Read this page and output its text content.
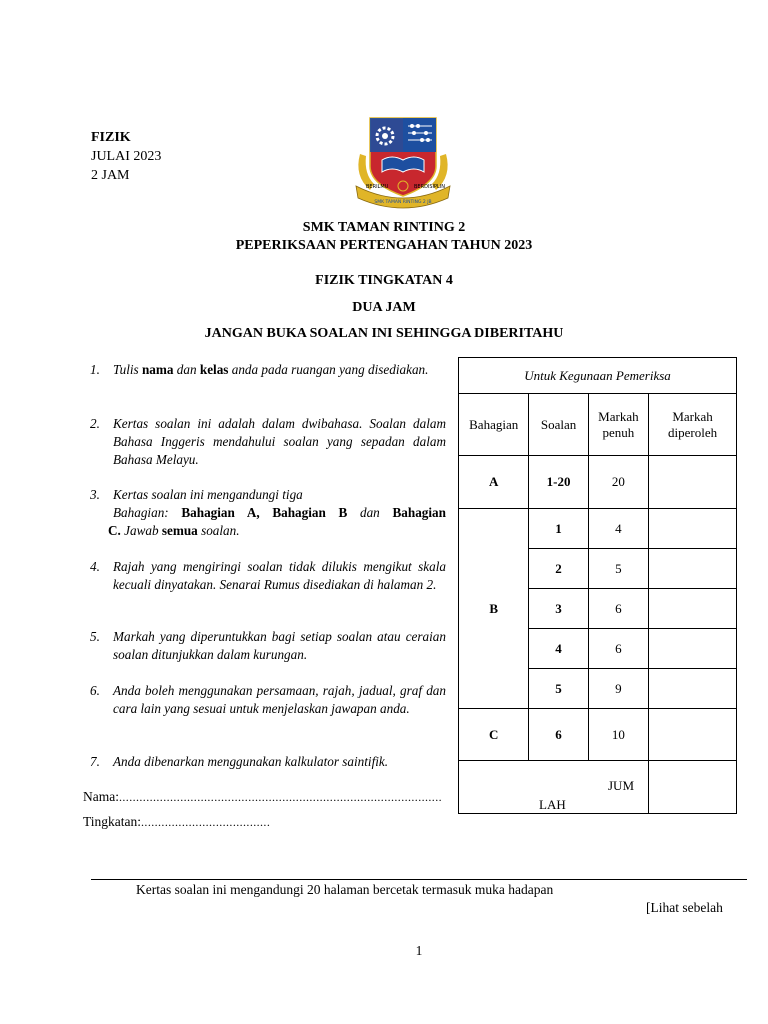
FIZIK
JULAI 2023
2 JAM
BERILMU	BERDISIPLIN
SMK TAMAN RINTING 2 JB
SMK TAMAN RINTING 2
PEPERIKSAAN PERTENGAHAN TAHUN 2023
FIZIK TINGKATAN 4
DUA JAM
JANGAN BUKA SOALAN INI SEHINGGA DIBERITAHU
1. Tulis nama dan kelas anda pada ruangan yang disediakan.
2. Kertas soalan ini adalah dalam dwibahasa. Soalan dalam Bahasa Inggeris mendahului soalan yang sepadan dalam Bahasa Melayu.
3. Kertas soalan ini mengandungi tiga
Bahagian: Bahagian A, Bahagian B dan Bahagian
C. Jawab semua soalan.
4. Rajah yang mengiringi soalan tidak dilukis mengikut skala kecuali dinyatakan. Senarai Rumus disediakan di halaman 2.
5. Markah yang diperuntukkan bagi setiap soalan atau ceraian soalan ditunjukkan dalam kurungan.
6. Anda boleh menggunakan persamaan, rajah, jadual, graf dan cara lain yang sesuai untuk menjelaskan jawapan anda.
7. Anda dibenarkan menggunakan kalkulator saintifik.
Nama:...............................................................................................
Tingkatan:......................................
Untuk Kegunaan Pemeriksa			
Bahagian	Soalan	Markah penuh	Markah diperoleh
A	1-20	20	
B	1	4	
	2	5	
	3	6	
	4	6	
	5	9	
C	6	10	

JUM
LAH			

Kertas soalan ini mengandungi 20 halaman bercetak termasuk muka hadapan
[Lihat sebelah
1
